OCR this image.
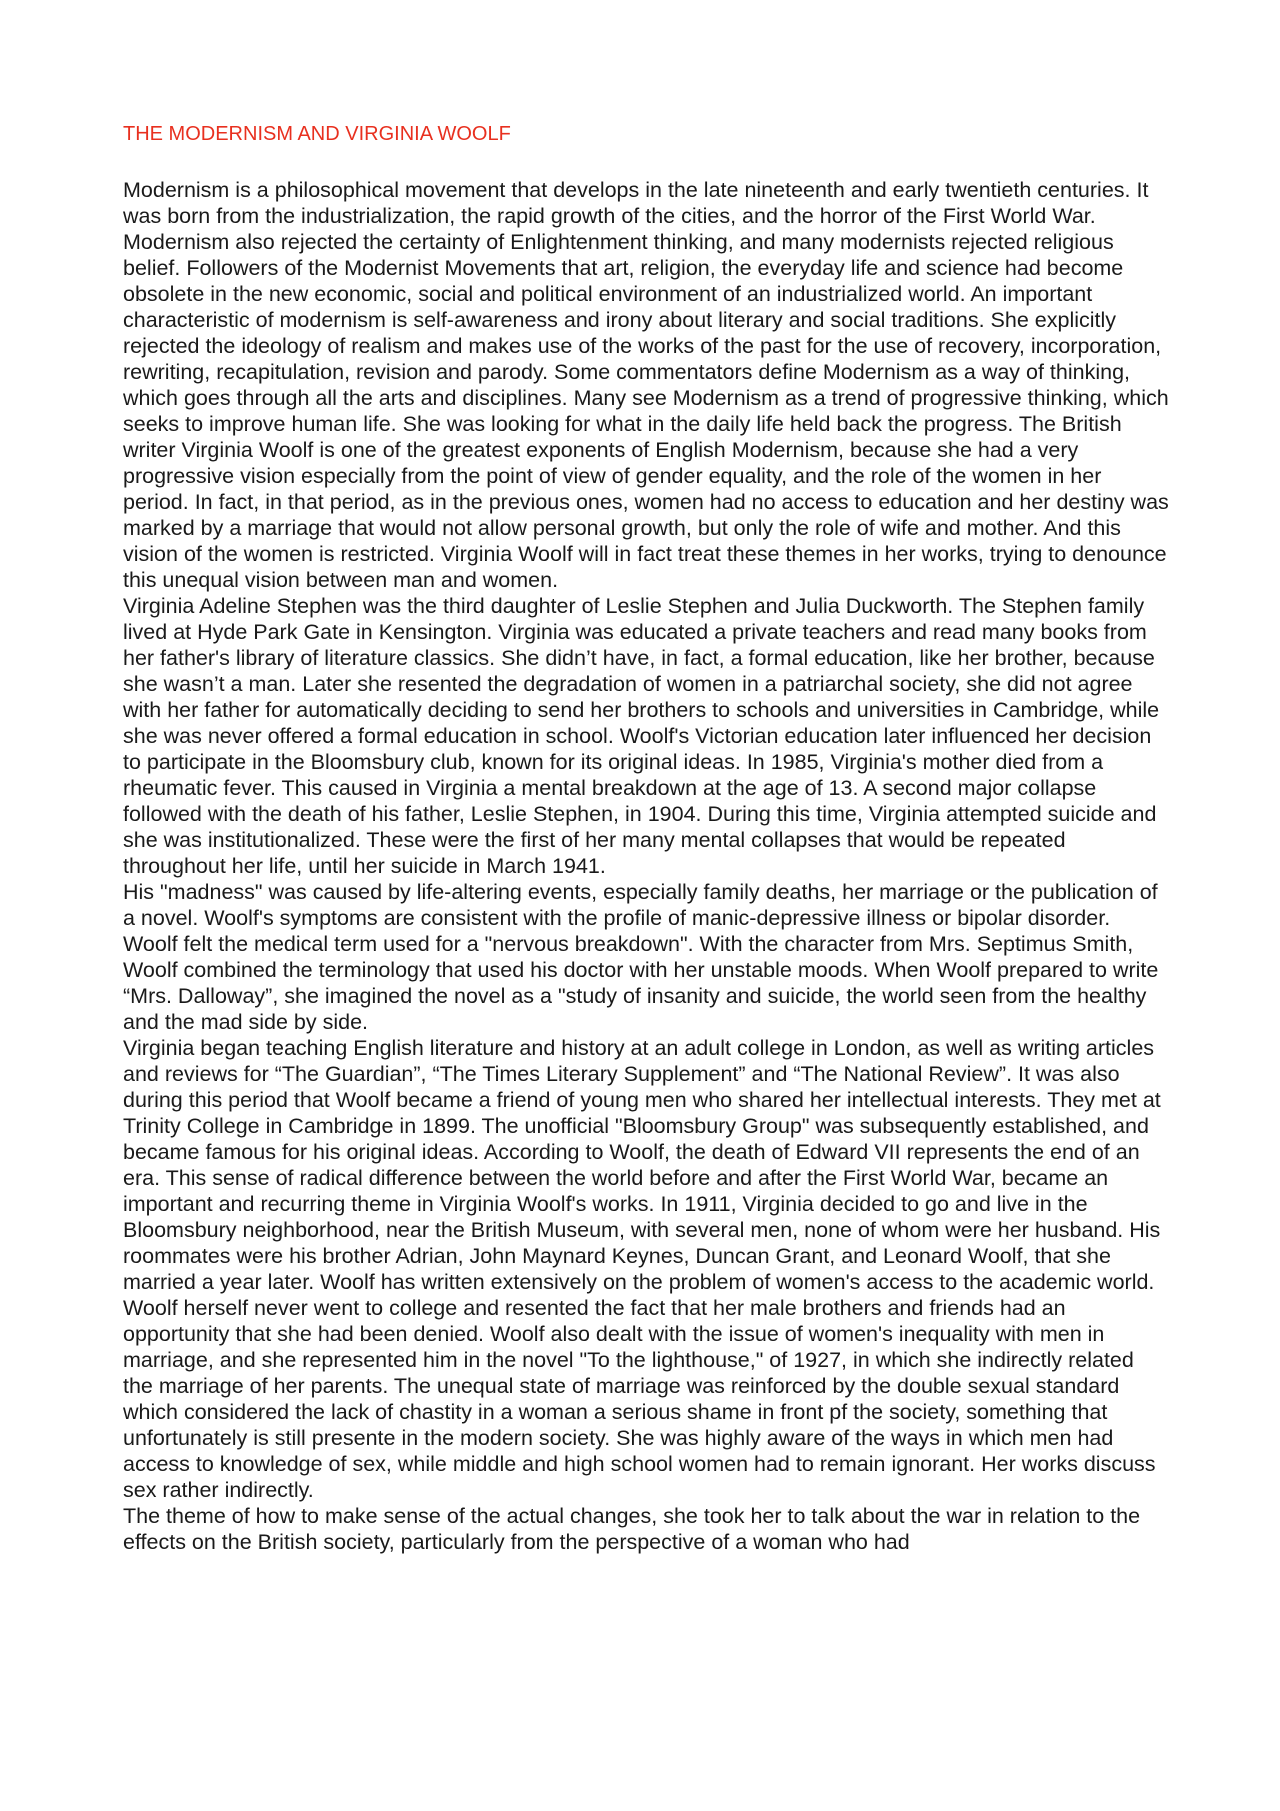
THE MODERNISM AND VIRGINIA WOOLF

Modernism is a philosophical movement that develops in the late nineteenth and early twentieth centuries. It was born from the industrialization, the rapid growth of the cities, and the horror of the First World War. Modernism also rejected the certainty of Enlightenment thinking, and many modernists rejected religious belief. Followers of the Modernist Movements that art, religion, the everyday life and science had become obsolete in the new economic, social and political environment of an industrialized world. An important characteristic of modernism is self-awareness and irony about literary and social traditions. She explicitly rejected the ideology of realism and makes use of the works of the past for the use of recovery, incorporation, rewriting, recapitulation, revision and parody. Some commentators define Modernism as a way of thinking, which goes through all the arts and disciplines. Many see Modernism as a trend of progressive thinking, which seeks to improve human life. She was looking for what in the daily life held back the progress. The British writer Virginia Woolf is one of the greatest exponents of English Modernism, because she had a very progressive vision especially from the point of view of gender equality, and the role of the women in her period. In fact, in that period, as in the previous ones, women had no access to education and her destiny was marked by a marriage that would not allow personal growth, but only the role of wife and mother. And this vision of the women is restricted. Virginia Woolf will in fact treat these themes in her works, trying to denounce this unequal vision between man and women.

Virginia Adeline Stephen was the third daughter of Leslie Stephen and Julia Duckworth. The Stephen family lived at Hyde Park Gate in Kensington. Virginia was educated a private teachers and read many books from her father's library of literature classics. She didn’t have, in fact, a formal education, like her brother, because she wasn’t a man. Later she resented the degradation of women in a patriarchal society, she did not agree with her father for automatically deciding to send her brothers to schools and universities in Cambridge, while she was never offered a formal education in school. Woolf's Victorian education later influenced her decision to participate in the Bloomsbury club, known for its original ideas. In 1985, Virginia's mother died from a rheumatic fever. This caused in Virginia a mental breakdown at the age of 13. A second major collapse followed with the death of his father, Leslie Stephen, in 1904. During this time, Virginia attempted suicide and she was institutionalized. These were the first of her many mental collapses that would be repeated throughout her life, until her suicide in March 1941.

His "madness" was caused by life-altering events, especially family deaths, her marriage or the publication of a novel. Woolf's symptoms are consistent with the profile of manic-depressive illness or bipolar disorder. Woolf felt the medical term used for a "nervous breakdown". With the character from Mrs. Septimus Smith, Woolf combined the terminology that used his doctor with her unstable moods. When Woolf prepared to write “Mrs. Dalloway”, she imagined the novel as a "study of insanity and suicide, the world seen from the healthy and the mad side by side.

Virginia began teaching English literature and history at an adult college in London, as well as writing articles and reviews for “The Guardian”, “The Times Literary Supplement” and “The National Review”. It was also during this period that Woolf became a friend of young men who shared her intellectual interests. They met at Trinity College in Cambridge in 1899. The unofficial "Bloomsbury Group" was subsequently established, and became famous for his original ideas. According to Woolf, the death of Edward VII represents the end of an era. This sense of radical difference between the world before and after the First World War, became an important and recurring theme in Virginia Woolf's works. In 1911, Virginia decided to go and live in the Bloomsbury neighborhood, near the British Museum, with several men, none of whom were her husband. His roommates were his brother Adrian, John Maynard Keynes, Duncan Grant, and Leonard Woolf, that she married a year later. Woolf has written extensively on the problem of women's access to the academic world. Woolf herself never went to college and resented the fact that her male brothers and friends had an opportunity that she had been denied. Woolf also dealt with the issue of women's inequality with men in marriage, and she represented him in the novel "To the lighthouse," of 1927, in which she indirectly related the marriage of her parents. The unequal state of marriage was reinforced by the double sexual standard which considered the lack of chastity in a woman a serious shame in front pf the society, something that unfortunately is still presente in the modern society. She was highly aware of the ways in which men had access to knowledge of sex, while middle and high school women had to remain ignorant. Her works discuss sex rather indirectly.

The theme of how to make sense of the actual changes, she took her to talk about the war in relation to the effects on the British society, particularly from the perspective of a woman who had
